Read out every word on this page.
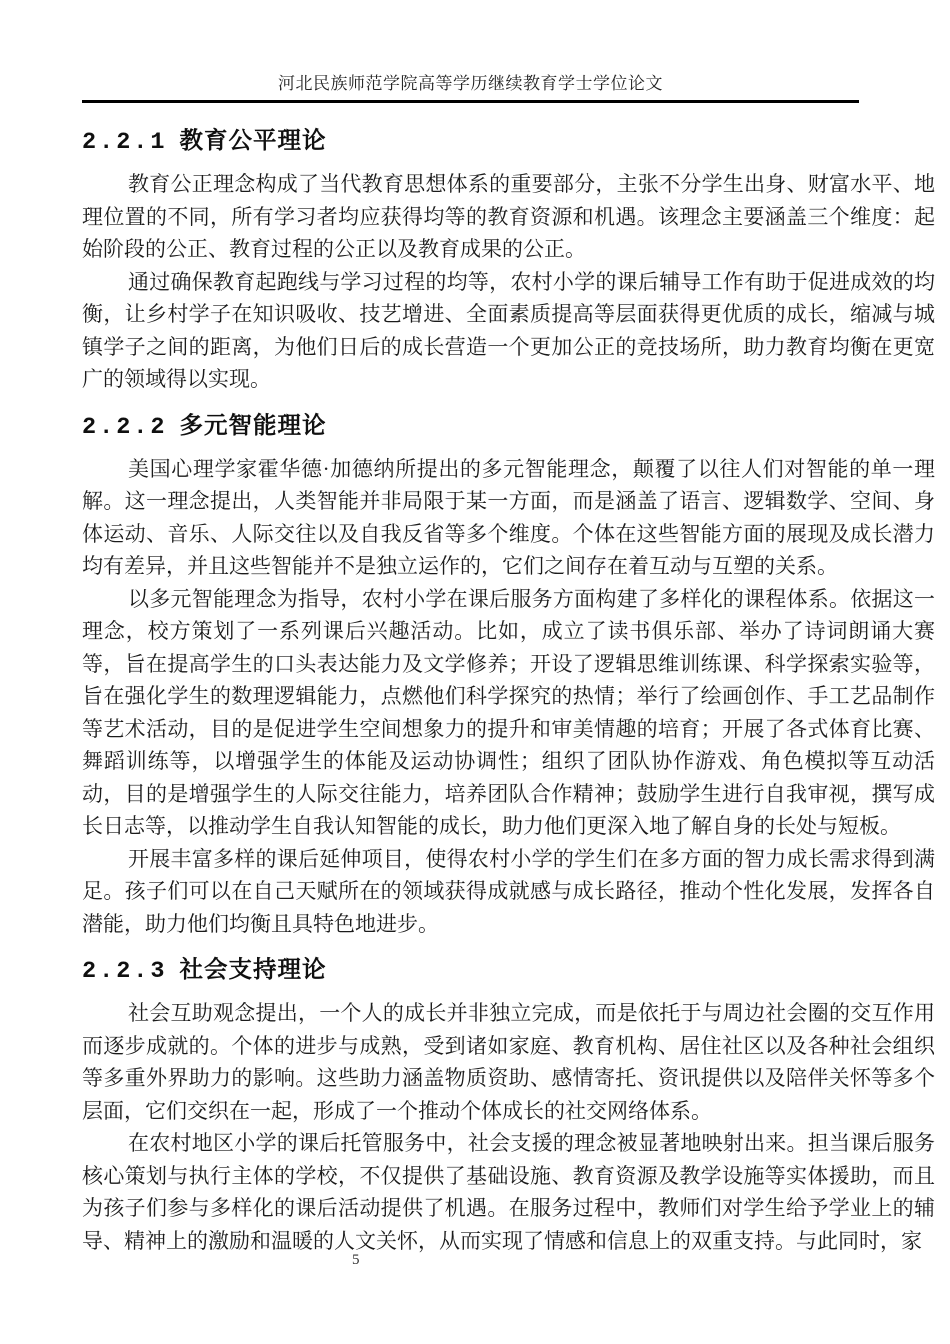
河北民族师范学院高等学历继续教育学士学位论文
2.2.1 教育公平理论

教育公正理念构成了当代教育思想体系的重要部分，主张不分学生出身、财富水平、地理位置的不同，所有学习者均应获得均等的教育资源和机遇。该理念主要涵盖三个维度：起始阶段的公正、教育过程的公正以及教育成果的公正。

通过确保教育起跑线与学习过程的均等，农村小学的课后辅导工作有助于促进成效的均衡，让乡村学子在知识吸收、技艺增进、全面素质提高等层面获得更优质的成长，缩减与城镇学子之间的距离，为他们日后的成长营造一个更加公正的竞技场所，助力教育均衡在更宽广的领域得以实现。

2.2.2 多元智能理论

美国心理学家霍华德·加德纳所提出的多元智能理念，颠覆了以往人们对智能的单一理解。这一理念提出，人类智能并非局限于某一方面，而是涵盖了语言、逻辑数学、空间、身体运动、音乐、人际交往以及自我反省等多个维度。个体在这些智能方面的展现及成长潜力均有差异，并且这些智能并不是独立运作的，它们之间存在着互动与互塑的关系。

以多元智能理念为指导，农村小学在课后服务方面构建了多样化的课程体系。依据这一理念，校方策划了一系列课后兴趣活动。比如，成立了读书俱乐部、举办了诗词朗诵大赛等，旨在提高学生的口头表达能力及文学修养；开设了逻辑思维训练课、科学探索实验等，旨在强化学生的数理逻辑能力，点燃他们科学探究的热情；举行了绘画创作、手工艺品制作等艺术活动，目的是促进学生空间想象力的提升和审美情趣的培育；开展了各式体育比赛、舞蹈训练等，以增强学生的体能及运动协调性；组织了团队协作游戏、角色模拟等互动活动，目的是增强学生的人际交往能力，培养团队合作精神；鼓励学生进行自我审视，撰写成长日志等，以推动学生自我认知智能的成长，助力他们更深入地了解自身的长处与短板。

开展丰富多样的课后延伸项目，使得农村小学的学生们在多方面的智力成长需求得到满足。孩子们可以在自己天赋所在的领域获得成就感与成长路径，推动个性化发展，发挥各自潜能，助力他们均衡且具特色地进步。

2.2.3 社会支持理论

社会互助观念提出，一个人的成长并非独立完成，而是依托于与周边社会圈的交互作用而逐步成就的。个体的进步与成熟，受到诸如家庭、教育机构、居住社区以及各种社会组织等多重外界助力的影响。这些助力涵盖物质资助、感情寄托、资讯提供以及陪伴关怀等多个层面，它们交织在一起，形成了一个推动个体成长的社交网络体系。

在农村地区小学的课后托管服务中，社会支援的理念被显著地映射出来。担当课后服务核心策划与执行主体的学校，不仅提供了基础设施、教育资源及教学设施等实体援助，而且为孩子们参与多样化的课后活动提供了机遇。在服务过程中，教师们对学生给予学业上的辅导、精神上的激励和温暖的人文关怀，从而实现了情感和信息上的双重支持。与此同时，家

5
